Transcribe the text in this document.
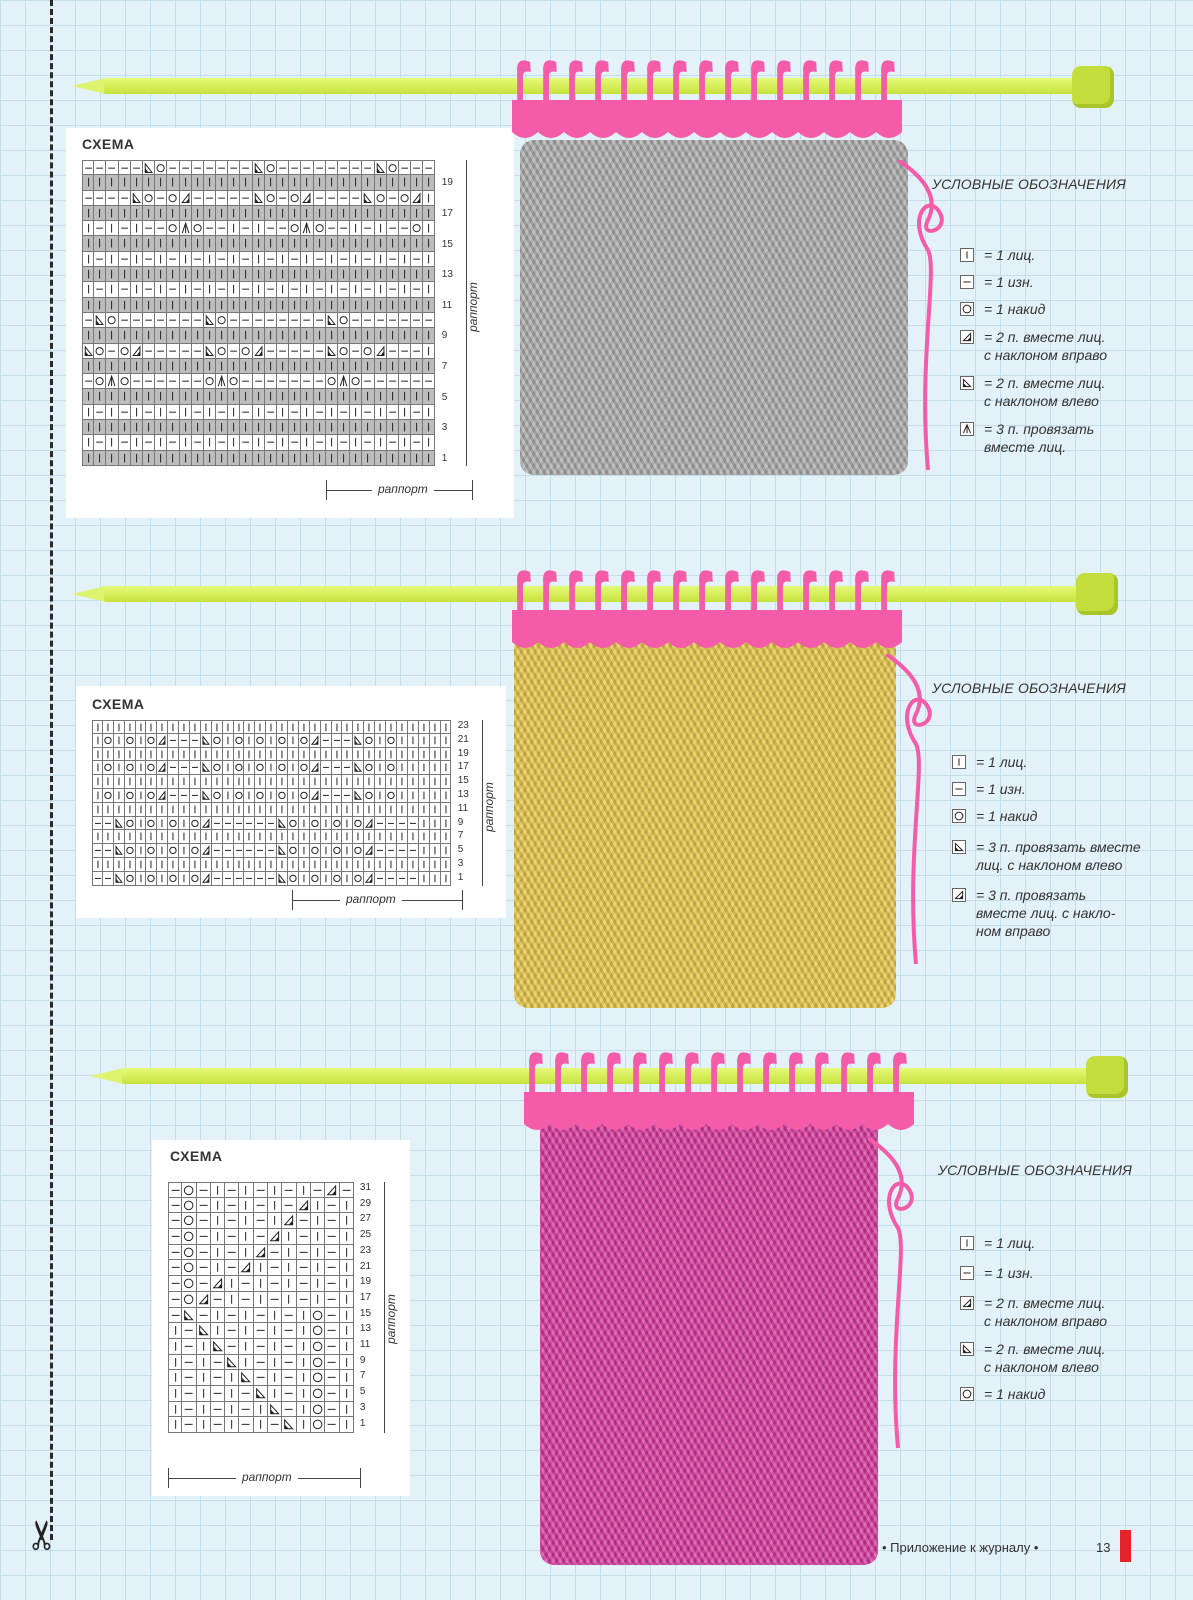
✂
СХЕМА
19
17
15
13
11
9
7
5
3
1
раппорт
раппорт
УСЛОВНЫЕ ОБОЗНАЧЕНИЯ
= 1 лиц.
= 1 изн.
= 1 накид
= 2 п. вместе лиц.
с наклоном вправо
= 2 п. вместе лиц.
с наклоном влево
= 3 п. провязать
вместе лиц.
СХЕМА
23
21
19
17
15
13
11
9
7
5
3
1
раппорт
раппорт
УСЛОВНЫЕ ОБОЗНАЧЕНИЯ
= 1 лиц.
= 1 изн.
= 1 накид
= 3 п. провязать вместе
лиц. с наклоном влево
= 3 п. провязать
вместе лиц. с накло-
ном вправо
СХЕМА
31
29
27
25
23
21
19
17
15
13
11
9
7
5
3
1
раппорт
раппорт
УСЛОВНЫЕ ОБОЗНАЧЕНИЯ
= 1 лиц.
= 1 изн.
= 2 п. вместе лиц.
с наклоном вправо
= 2 п. вместе лиц.
с наклоном влево
= 1 накид
• Приложение к журналу •	13
